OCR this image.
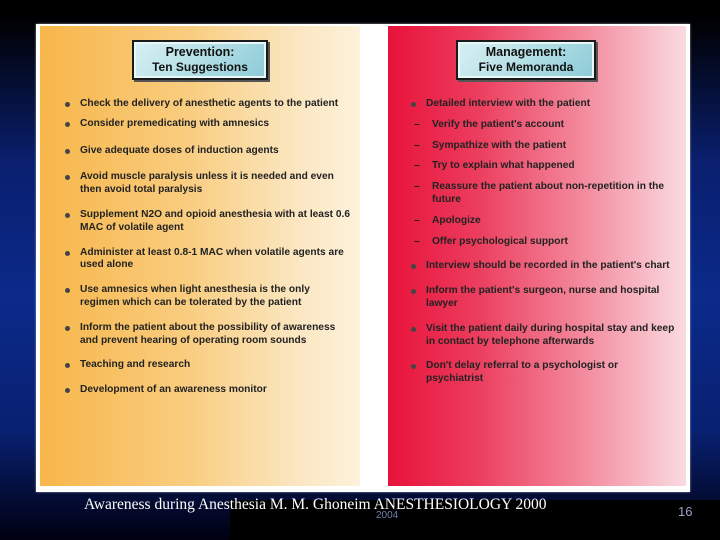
Prevention:
Ten Suggestions
Check the delivery of anesthetic agents to the patient
Consider premedicating with amnesics
Give adequate doses of induction agents
Avoid muscle paralysis unless it is needed and even then avoid total paralysis
Supplement N2O and opioid anesthesia with at least 0.6 MAC of volatile agent
Administer at least 0.8-1 MAC when volatile agents are used alone
Use amnesics when light anesthesia is the only regimen which can be tolerated by the patient
Inform the patient about the possibility of awareness and prevent hearing of operating room sounds
Teaching and research
Development of an awareness monitor
Management:
Five Memoranda
Detailed interview with the patient
– Verify the patient's account
– Sympathize with the patient
– Try to explain what happened
– Reassure the patient about non-repetition in the future
– Apologize
– Offer psychological support
Interview should be recorded in the patient's chart
Inform the patient's surgeon, nurse and hospital lawyer
Visit the patient daily during hospital stay and keep in contact by telephone afterwards
Don't delay referral to a psychologist or psychiatrist
Awareness during Anesthesia M. M. Ghoneim ANESTHESIOLOGY 2000
2004	16
